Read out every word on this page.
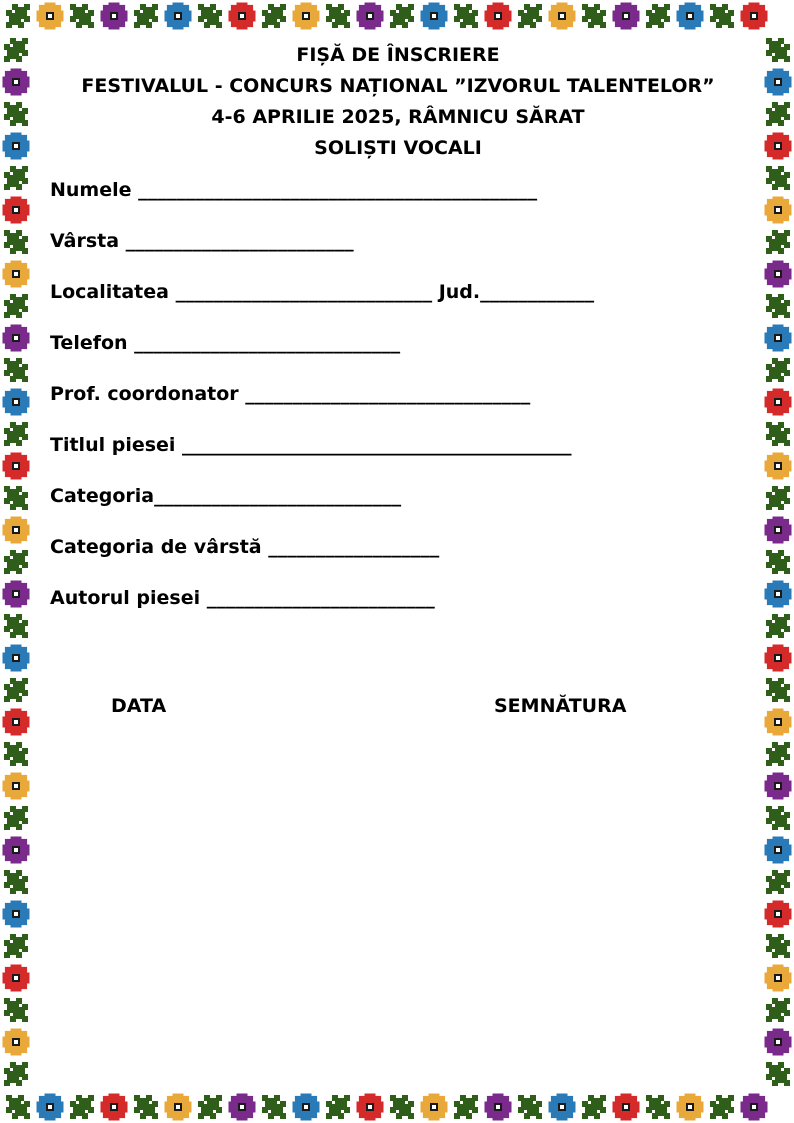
FIȘĂ DE ÎNSCRIERE
FESTIVALUL - CONCURS NAȚIONAL ”IZVORUL TALENTELOR”
4-6 APRILIE 2025, RÂMNICU SĂRAT
SOLIȘTI VOCALI
Numele __________________________________________
Vârsta ________________________
Localitatea ___________________________ Jud.____________
Telefon ____________________________
Prof. coordonator ______________________________
Titlul piesei _________________________________________
Categoria__________________________
Categoria de vârstă __________________
Autorul piesei ________________________
DATA	SEMNĂTURA
